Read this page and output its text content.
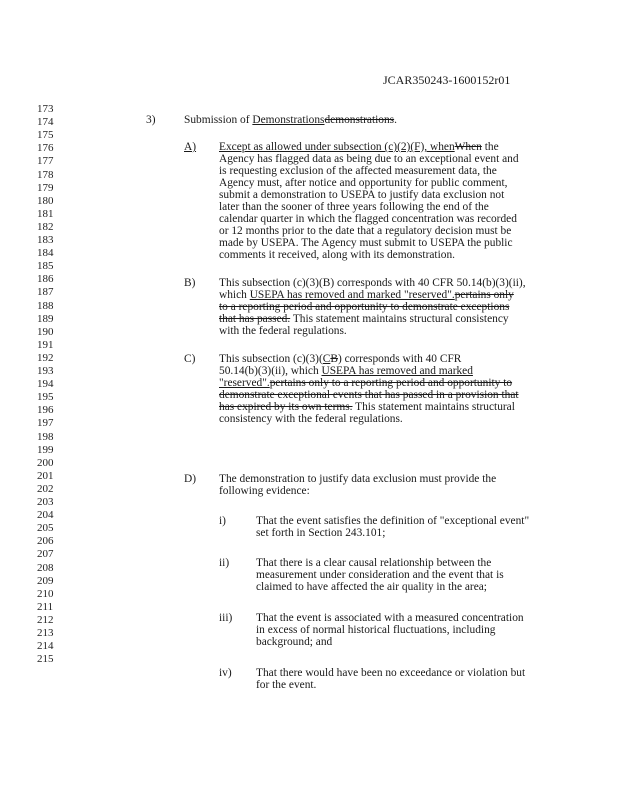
JCAR350243-1600152r01
173
174
175
176
177
178
179
180
181
182
183
184
185
186
187
188
189
190
191
192
193
194
195
196
197
198
199
200
201
202
203
204
205
206
207
208
209
210
211
212
213
214
215
3)	Submission of Demonstrationsdemonstrations.
A) Except as allowed under subsection (c)(2)(F), whenWhen the
Agency has flagged data as being due to an exceptional event and
is requesting exclusion of the affected measurement data, the
Agency must, after notice and opportunity for public comment,
submit a demonstration to USEPA to justify data exclusion not
later than the sooner of three years following the end of the
calendar quarter in which the flagged concentration was recorded
or 12 months prior to the date that a regulatory decision must be
made by USEPA. The Agency must submit to USEPA the public
comments it received, along with its demonstration.
B) This subsection (c)(3)(B) corresponds with 40 CFR 50.14(b)(3)(ii),
which USEPA has removed and marked "reserved".pertains only
to a reporting period and opportunity to demonstrate exceptions
that has passed. This statement maintains structural consistency
with the federal regulations.
C) This subsection (c)(3)(CB) corresponds with 40 CFR
50.14(b)(3)(ii), which USEPA has removed and marked
"reserved".pertains only to a reporting period and opportunity to
demonstrate exceptional events that has passed in a provision that
has expired by its own terms. This statement maintains structural
consistency with the federal regulations.
D) The demonstration to justify data exclusion must provide the
following evidence:
i)	That the event satisfies the definition of "exceptional event"
set forth in Section 243.101;
ii) That there is a clear causal relationship between the
measurement under consideration and the event that is
claimed to have affected the air quality in the area;
iii) That the event is associated with a measured concentration
in excess of normal historical fluctuations, including
background; and
iv) That there would have been no exceedance or violation but
for the event.
